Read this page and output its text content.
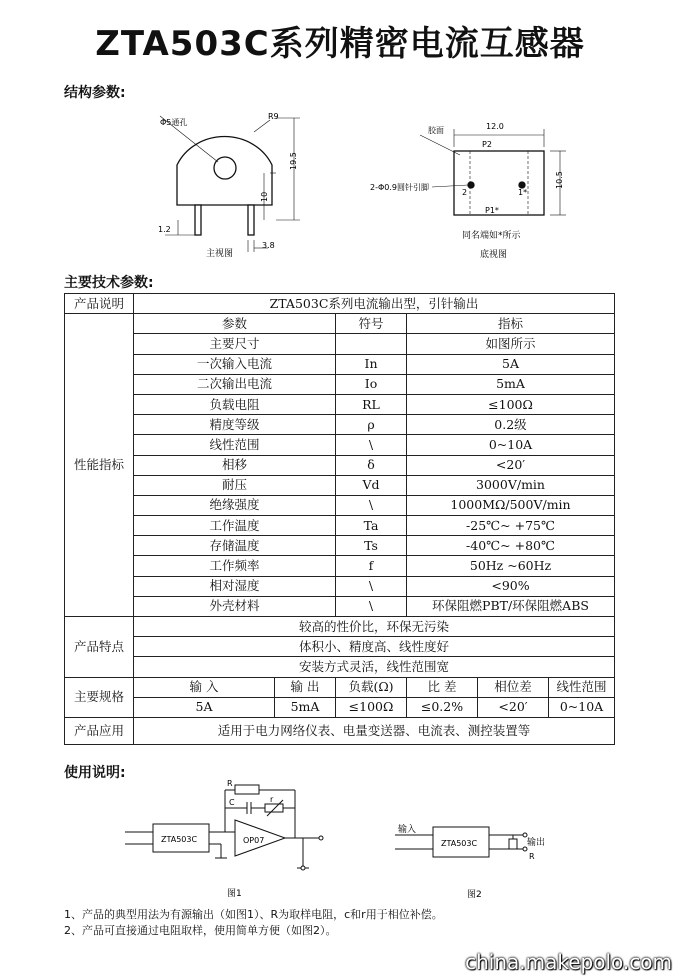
ZTA503C系列精密电流互感器
结构参数:
Φ5通孔
R9
19.5
10
1.2
3.8
主视图
胶面	12.0
10.5
P2
P1*
2	1*
2-Φ0.9圆针引脚
同名端如*所示
底视图
主要技术参数:
产品说明	ZTA503C系列电流输出型，引针输出					
性能指标	参数		符号	指标		
	主要尺寸			如图所示		
	一次输入电流		In	5A		
	二次输出电流		Io	5mA		
	负载电阻		RL	≤100Ω		
	精度等级		ρ	0.2级		
	线性范围		\	0~10A		
	相移		δ	<20′		
	耐压		Vd	3000V/min		
	绝缘强度		\	1000MΩ/500V/min		
	工作温度		Ta	-25℃~ +75℃		
	存储温度		Ts	-40℃~ +80℃		
	工作频率		f	50Hz ~60Hz		
	相对湿度		\	<90%		
	外壳材料		\	环保阻燃PBT/环保阻燃ABS		
产品特点	较高的性价比，环保无污染					
	体积小、精度高、线性度好					
	安装方式灵活，线性范围宽					
主要规格	输 入	输 出	负载(Ω)	比 差	相位差	线性范围
	5A	5mA	≤100Ω	≤0.2%	<20′	0~10A
产品应用	适用于电力网络仪表、电量变送器、电流表、测控装置等					
使用说明:
ZTA503C	OP07
R
C	r
图1
输入
ZTA503C	输出
R
图2
1、产品的典型用法为有源输出（如图1）、R为取样电阻，c和r用于相位补偿。
2、产品可直接通过电阻取样，使用简单方便（如图2）。
china.makepolo.com
